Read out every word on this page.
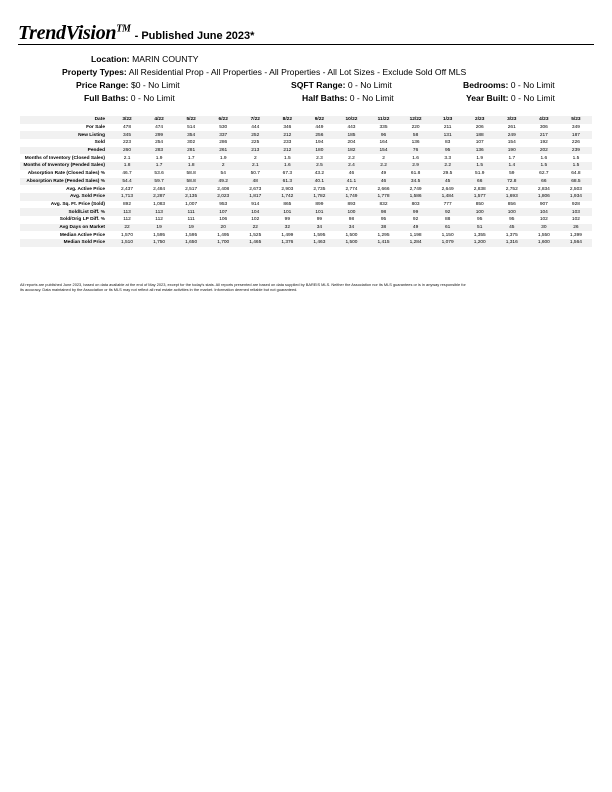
TrendVision™
- Published June 2023*
Location: MARIN COUNTY
Property Types: All Residential Prop - All Properties - All Properties - All Lot Sizes - Exclude Sold Off MLS
Price Range: $0 - No Limit	SQFT Range: 0 - No Limit	Bedrooms: 0 - No Limit
Full Baths: 0 - No Limit	Half Baths: 0 - No Limit	Year Built: 0 - No Limit
Date	3/22	4/22	5/22	6/22	7/22	8/22	9/22	10/22	11/22	12/22	1/23	2/23	3/23	4/23	5/23
For Sale	478	474	514	530	444	346	449	443	335	220	211	206	261	306	349
New Listing	345	299	354	337	252	212	256	185	96	58	131	188	249	217	187
Sold	223	254	302	286	225	233	194	204	164	136	83	107	154	192	226
Pended	260	283	281	261	213	212	180	182	154	76	95	136	190	202	239
Months of Inventory (Closed Sales)	2.1	1.9	1.7	1.9	2	1.5	2.3	2.2	2	1.6	3.3	1.9	1.7	1.6	1.5
Months of Inventory (Pended Sales)	1.8	1.7	1.8	2	2.1	1.6	2.5	2.4	2.2	2.9	2.2	1.5	1.4	1.5	1.5
Absorption Rate (Closed Sales) %	46.7	53.6	58.8	54	50.7	67.3	43.2	46	49	61.8	29.5	51.9	59	62.7	64.8
Absorption Rate (Pended Sales) %	54.4	59.7	58.8	49.2	48	61.3	40.1	41.1	46	34.5	45	66	72.8	66	68.5
Avg. Active Price	2,437	2,484	2,517	2,408	2,673	2,903	2,735	2,774	2,666	2,749	2,649	2,838	2,752	2,834	2,503
Avg. Sold Price	1,713	2,287	2,135	2,023	1,817	1,742	1,782	1,749	1,778	1,586	1,484	1,577	1,693	1,806	1,934
Avg. Sq. Ft. Price (Sold)	892	1,083	1,007	953	914	865	899	893	832	803	777	850	856	907	928
Sold/List Diff. %	113	113	111	107	104	101	101	100	98	99	92	100	100	104	103
Sold/Orig LP Diff. %	112	112	111	106	102	99	99	98	95	92	88	95	95	102	102
Avg Days on Market	22	19	19	20	22	32	34	34	38	49	61	51	45	30	26
Median Active Price	1,570	1,595	1,595	1,495	1,525	1,499	1,595	1,500	1,295	1,198	1,150	1,355	1,375	1,550	1,399
Median Sold Price	1,510	1,750	1,650	1,700	1,465	1,376	1,463	1,500	1,415	1,284	1,079	1,200	1,316	1,600	1,564
All reports are published June 2023, based on data available at the end of May 2023, except for the today's stats. All reports presented are based on data supplied by BAREIS MLS. Neither the Association nor its MLS guarantees or is in anyway responsible for
its accuracy. Data maintained by the Association or its MLS may not reflect all real estate activities in the market. Information deemed reliable but not guaranteed.
